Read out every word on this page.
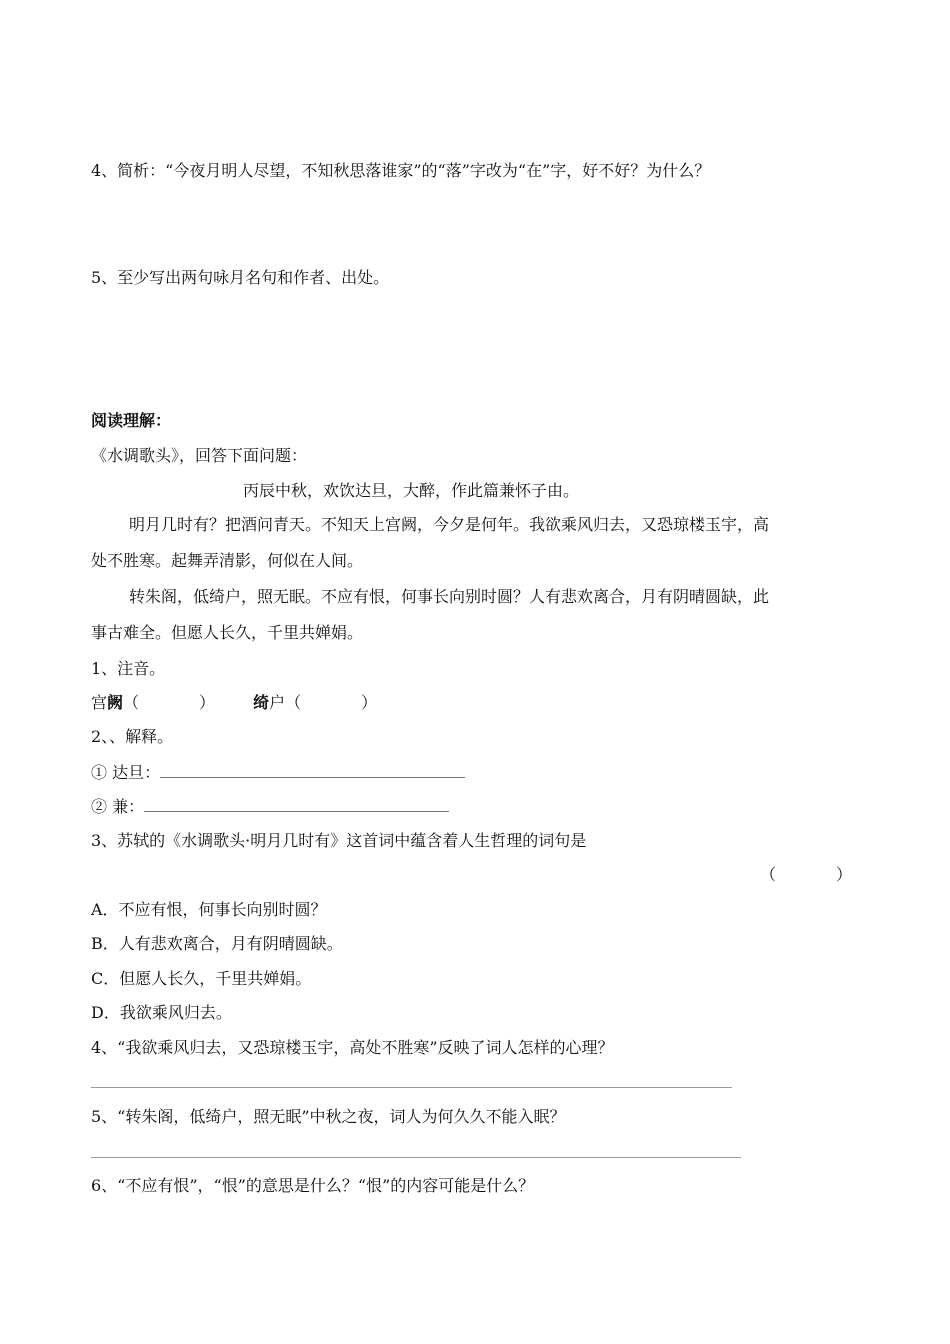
4、简析：“今夜月明人尽望，不知秋思落谁家”的“落”字改为“在”字，好不好？为什么？
5、至少写出两句咏月名句和作者、出处。
阅读理解：
《水调歌头》，回答下面问题：
丙辰中秋，欢饮达旦，大醉，作此篇兼怀子由。
明月几时有？把酒问青天。不知天上宫阙，今夕是何年。我欲乘风归去，又恐琼楼玉宇，高
处不胜寒。起舞弄清影，何似在人间。
转朱阁，低绮户，照无眠。不应有恨，何事长向别时圆？人有悲欢离合，月有阴晴圆缺，此
事古难全。但愿人长久，千里共婵娟。
1、注音。
宫阙（	） 绮户（	）
2、、解释。
① 达旦：
② 兼：
3、苏轼的《水调歌头·明月几时有》这首词中蕴含着人生哲理的词句是
（	）
A．不应有恨，何事长向别时圆？
B．人有悲欢离合，月有阴晴圆缺。
C．但愿人长久，千里共婵娟。
D．我欲乘风归去。
4、“我欲乘风归去，又恐琼楼玉宇，高处不胜寒”反映了词人怎样的心理？
5、“转朱阁，低绮户，照无眠”中秋之夜，词人为何久久不能入眠？
6、“不应有恨”，“恨”的意思是什么？“恨”的内容可能是什么？
